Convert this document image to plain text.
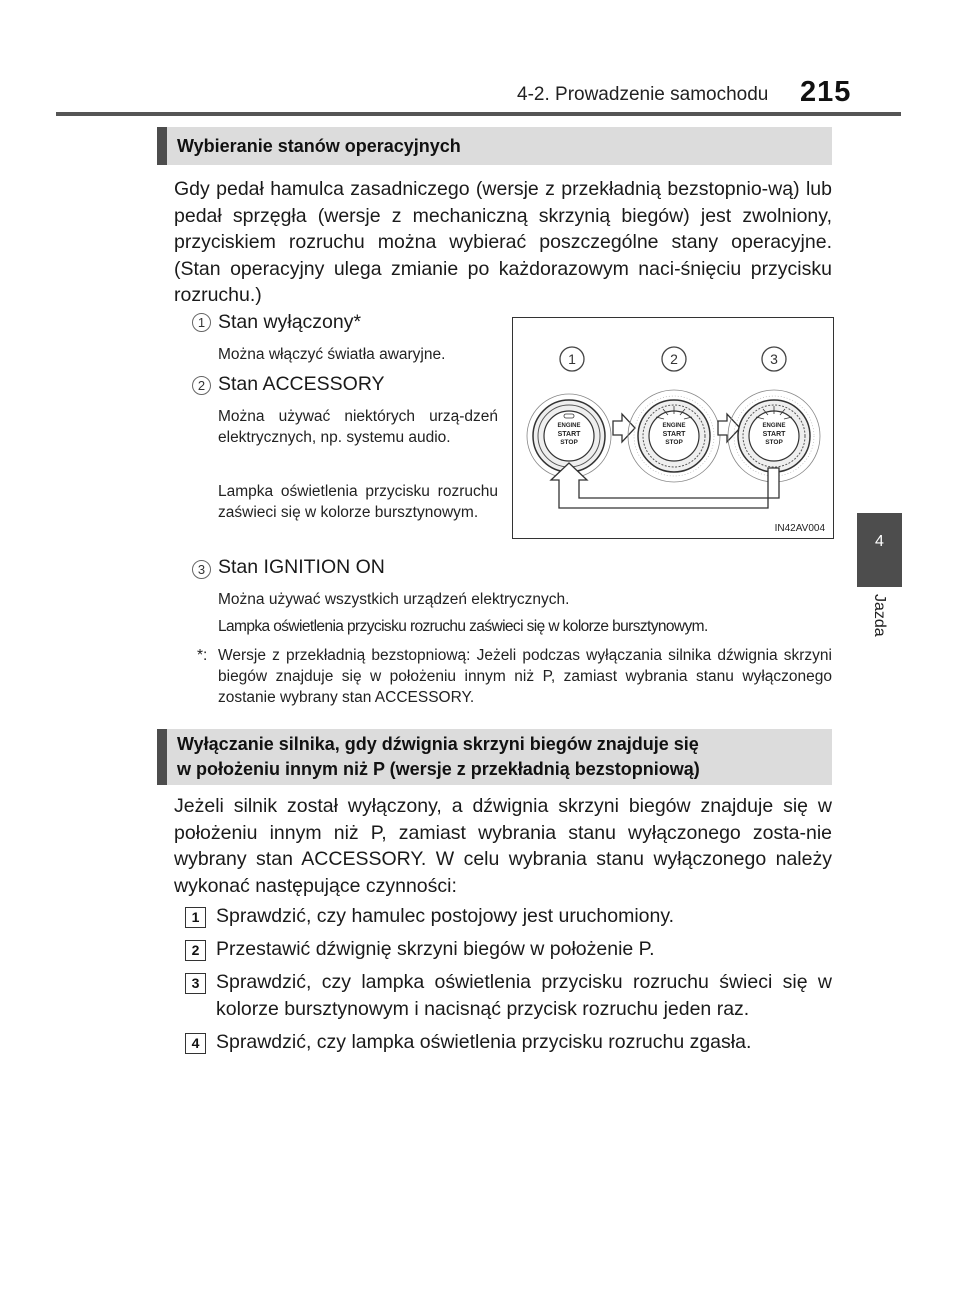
4-2. Prowadzenie samochodu 215
4
Jazda
Wybieranie stanów operacyjnych
Gdy pedał hamulca zasadniczego (wersje z przekładnią bezstopnio-wą) lub pedał sprzęgła (wersje z mechaniczną skrzynią biegów) jest zwolniony, przyciskiem rozruchu można wybierać poszczególne stany operacyjne. (Stan operacyjny ulega zmianie po każdorazowym naci-śnięciu przycisku rozruchu.)
1 Stan wyłączony*
Można włączyć światła awaryjne.
2 Stan ACCESSORY
Można używać niektórych urzą-dzeń elektrycznych, np. systemu audio.
Lampka oświetlenia przycisku rozruchu zaświeci się w kolorze bursztynowym.
3 Stan IGNITION ON
Można używać wszystkich urządzeń elektrycznych.
Lampka oświetlenia przycisku rozruchu zaświeci się w kolorze bursztynowym.
*: Wersje z przekładnią bezstopniową: Jeżeli podczas wyłączania silnika dźwignia skrzyni biegów znajduje się w położeniu innym niż P, zamiast wybrania stanu wyłączonego zostanie wybrany stan ACCESSORY.
1	2	3
ENGINE
START
STOP
ENGINE
START
STOP
ENGINE
START
STOP
IN42AV004
Wyłączanie silnika, gdy dźwignia skrzyni biegów znajduje się
w położeniu innym niż P (wersje z przekładnią bezstopniową)
Jeżeli silnik został wyłączony, a dźwignia skrzyni biegów znajduje się w położeniu innym niż P, zamiast wybrania stanu wyłączonego zosta-nie wybrany stan ACCESSORY. W celu wybrania stanu wyłączonego należy wykonać następujące czynności:
1 Sprawdzić, czy hamulec postojowy jest uruchomiony.
2 Przestawić dźwignię skrzyni biegów w położenie P.
3 Sprawdzić, czy lampka oświetlenia przycisku rozruchu świeci się w kolorze bursztynowym i nacisnąć przycisk rozruchu jeden raz.
4 Sprawdzić, czy lampka oświetlenia przycisku rozruchu zgasła.
